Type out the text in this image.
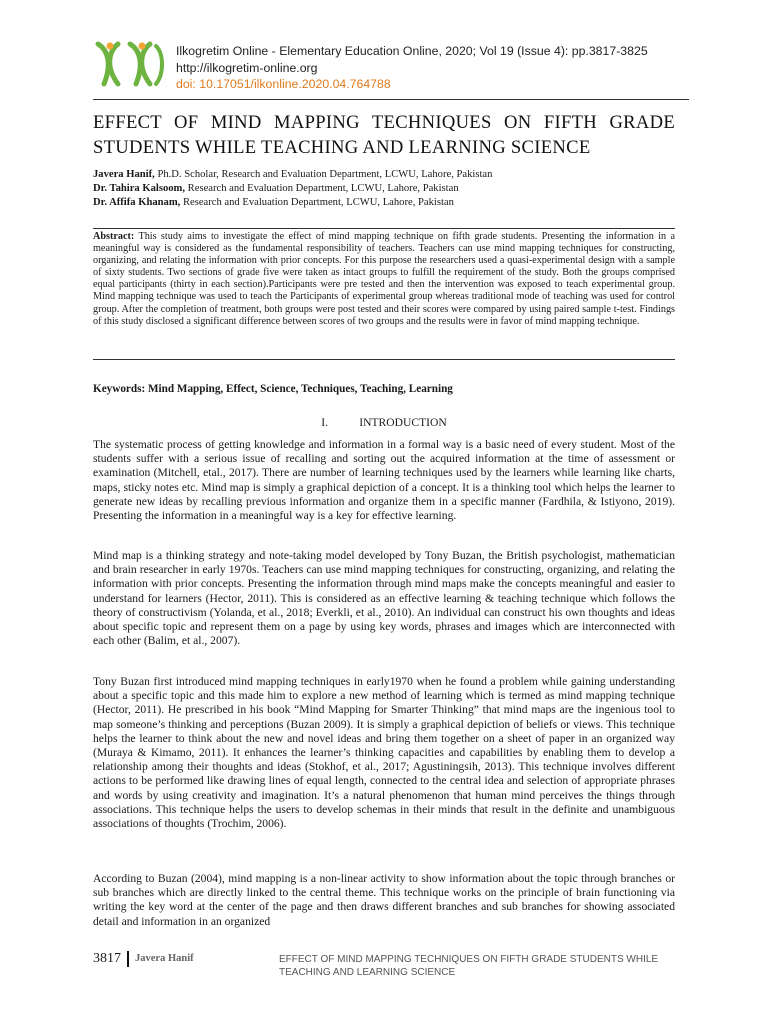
Ilkogretim Online - Elementary Education Online, 2020; Vol 19 (Issue 4): pp.3817-3825
http://ilkogretim-online.org
doi: 10.17051/ilkonline.2020.04.764788
EFFECT OF MIND MAPPING TECHNIQUES ON FIFTH GRADE STUDENTS WHILE TEACHING AND LEARNING SCIENCE
Javera Hanif, Ph.D. Scholar, Research and Evaluation Department, LCWU, Lahore, Pakistan
Dr. Tahira Kalsoom, Research and Evaluation Department, LCWU, Lahore, Pakistan
Dr. Affifa Khanam, Research and Evaluation Department, LCWU, Lahore, Pakistan
Abstract: This study aims to investigate the effect of mind mapping technique on fifth grade students. Presenting the information in a meaningful way is considered as the fundamental responsibility of teachers. Teachers can use mind mapping techniques for constructing, organizing, and relating the information with prior concepts. For this purpose the researchers used a quasi-experimental design with a sample of sixty students. Two sections of grade five were taken as intact groups to fulfill the requirement of the study. Both the groups comprised equal participants (thirty in each section).Participants were pre tested and then the intervention was exposed to teach experimental group. Mind mapping technique was used to teach the Participants of experimental group whereas traditional mode of teaching was used for control group. After the completion of treatment, both groups were post tested and their scores were compared by using paired sample t-test. Findings of this study disclosed a significant difference between scores of two groups and the results were in favor of mind mapping technique.
Keywords: Mind Mapping, Effect, Science, Techniques, Teaching, Learning
I.	INTRODUCTION
The systematic process of getting knowledge and information in a formal way is a basic need of every student. Most of the students suffer with a serious issue of recalling and sorting out the acquired information at the time of assessment or examination (Mitchell, etal., 2017). There are number of learning techniques used by the learners while learning like charts, maps, sticky notes etc. Mind map is simply a graphical depiction of a concept. It is a thinking tool which helps the learner to generate new ideas by recalling previous information and organize them in a specific manner (Fardhila, & Istiyono, 2019). Presenting the information in a meaningful way is a key for effective learning.
Mind map is a thinking strategy and note-taking model developed by Tony Buzan, the British psychologist, mathematician and brain researcher in early 1970s. Teachers can use mind mapping techniques for constructing, organizing, and relating the information with prior concepts. Presenting the information through mind maps make the concepts meaningful and easier to understand for learners (Hector, 2011). This is considered as an effective learning & teaching technique which follows the theory of constructivism (Yolanda, et al., 2018; Everkli, et al., 2010). An individual can construct his own thoughts and ideas about specific topic and represent them on a page by using key words, phrases and images which are interconnected with each other (Balim, et al., 2007).
Tony Buzan first introduced mind mapping techniques in early1970 when he found a problem while gaining understanding about a specific topic and this made him to explore a new method of learning which is termed as mind mapping technique (Hector, 2011). He prescribed in his book “Mind Mapping for Smarter Thinking” that mind maps are the ingenious tool to map someone’s thinking and perceptions (Buzan 2009). It is simply a graphical depiction of beliefs or views. This technique helps the learner to think about the new and novel ideas and bring them together on a sheet of paper in an organized way (Muraya & Kimamo, 2011). It enhances the learner’s thinking capacities and capabilities by enabling them to develop a relationship among their thoughts and ideas (Stokhof, et al., 2017; Agustiningsih, 2013). This technique involves different actions to be performed like drawing lines of equal length, connected to the central idea and selection of appropriate phrases and words by using creativity and imagination. It’s a natural phenomenon that human mind perceives the things through associations. This technique helps the users to develop schemas in their minds that result in the definite and unambiguous associations of thoughts (Trochim, 2006).
According to Buzan (2004), mind mapping is a non-linear activity to show information about the topic through branches or sub branches which are directly linked to the central theme. This technique works on the principle of brain functioning via writing the key word at the center of the page and then draws different branches and sub branches for showing associated detail and information in an organized
3817 Javera Hanif	EFFECT OF MIND MAPPING TECHNIQUES ON FIFTH GRADE STUDENTS WHILE TEACHING AND LEARNING SCIENCE
